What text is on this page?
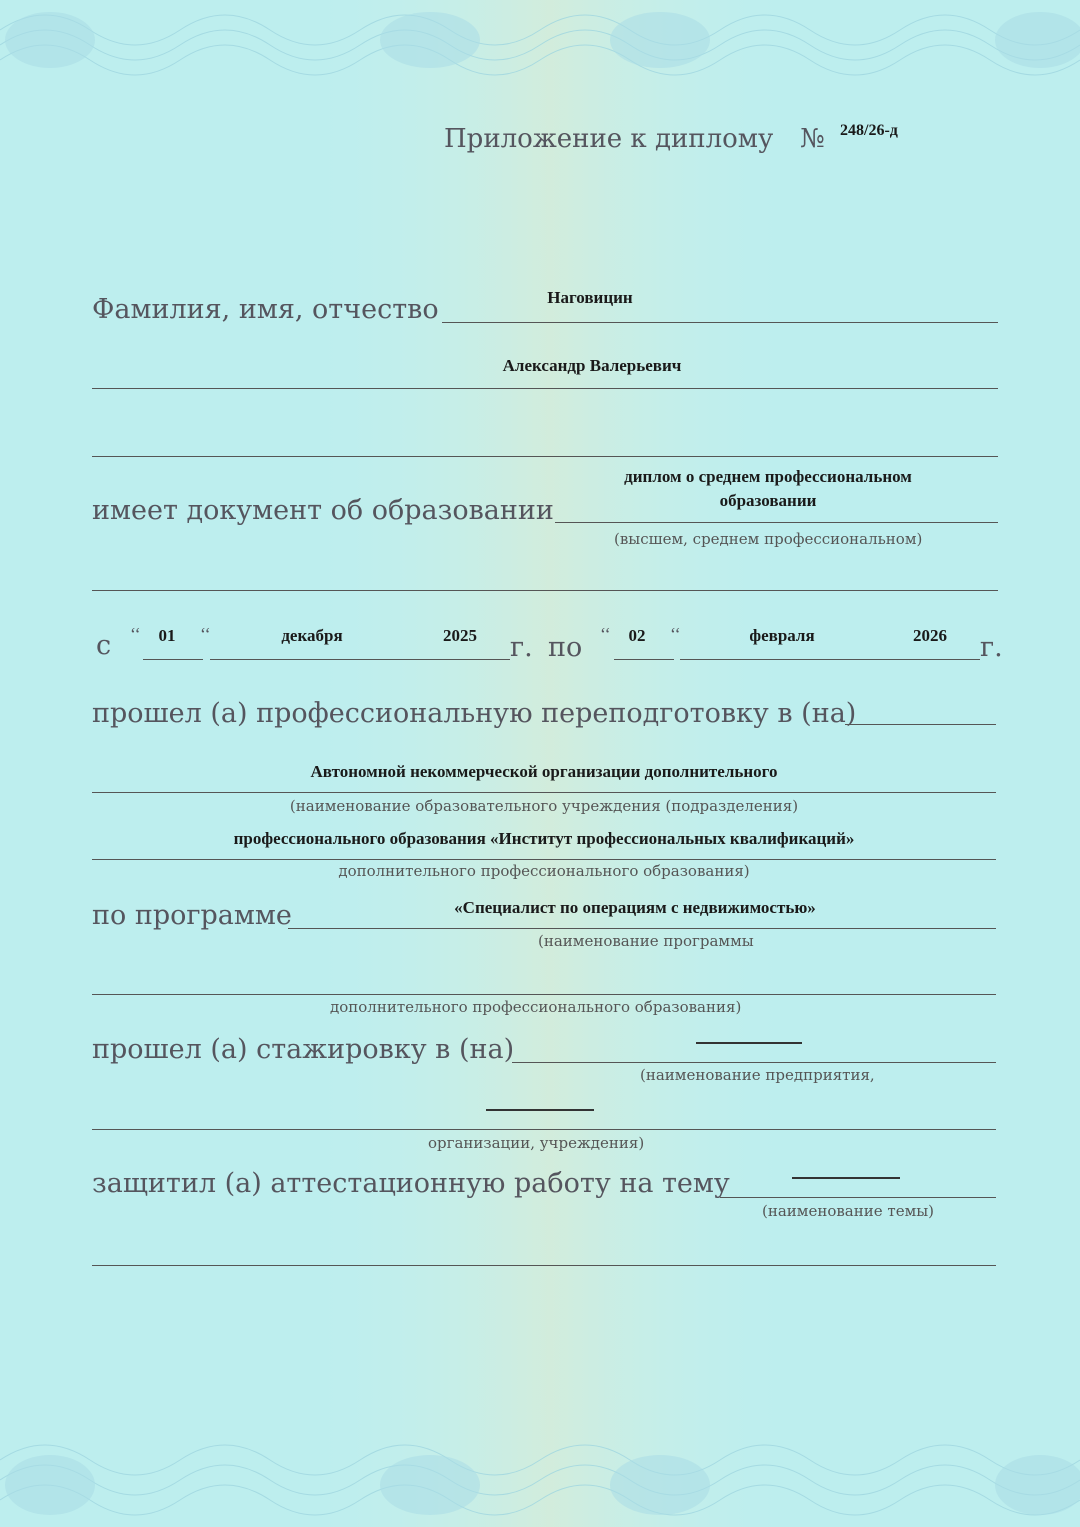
Приложение к диплому № 248/26-д
Фамилия, имя, отчество	Наговицин
Александр Валерьевич
диплом о среднем профессиональном
имеет документ об образовании	образовании
(высшем, среднем профессиональном)
с ‘‘	01	‘‘	декабря	2025 г. по ‘‘	02	‘‘	февраля	2026 г.
прошел (а) профессиональную переподготовку в (на)
Автономной некоммерческой организации дополнительного
(наименование образовательного учреждения (подразделения)
профессионального образования «Институт профессиональных квалификаций»
дополнительного профессионального образования)
по программе	«Специалист по операциям с недвижимостью»
(наименование программы
дополнительного профессионального образования)
прошел (а) стажировку в (на)
(наименование предприятия,
организации, учреждения)
защитил (а) аттестационную работу на тему
(наименование темы)
